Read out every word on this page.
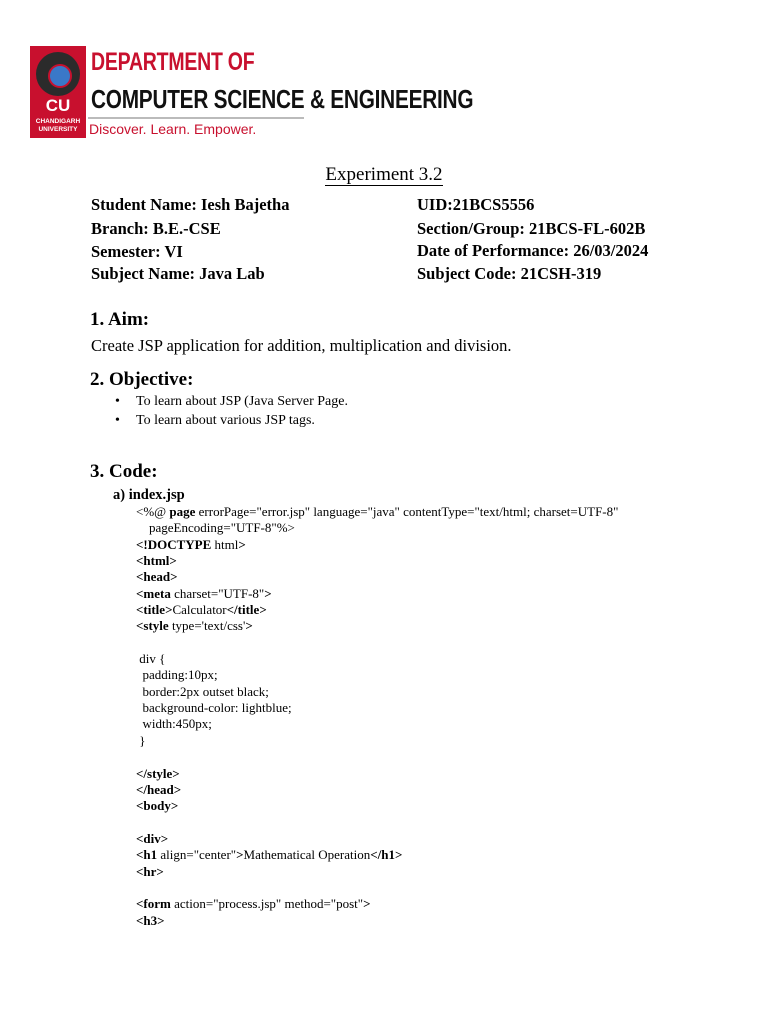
CU
CHANDIGARH UNIVERSITY
DEPARTMENT OF
COMPUTER SCIENCE & ENGINEERING
Discover. Learn. Empower.
Experiment 3.2
Student Name: Iesh Bajetha	UID:21BCS5556
Branch: B.E.-CSE	Section/Group: 21BCS-FL-602B
Semester: VI	Date of Performance: 26/03/2024
Subject Name: Java Lab	Subject Code: 21CSH-319
1. Aim:
Create JSP application for addition, multiplication and division.
2. Objective:
• To learn about JSP (Java Server Page.
• To learn about various JSP tags.
3. Code:
a) index.jsp
<%@ page errorPage="error.jsp" language="java" contentType="text/html; charset=UTF-8"
pageEncoding="UTF-8"%>
<!DOCTYPE html>
<html>
<head>
<meta charset="UTF-8">
<title>Calculator</title>
<style type='text/css'>

div {
padding:10px;
border:2px outset black;
background-color: lightblue;
width:450px;
}

</style>
</head>
<body>

<div>
<h1 align="center">Mathematical Operation</h1>
<hr>

<form action="process.jsp" method="post">
<h3>
